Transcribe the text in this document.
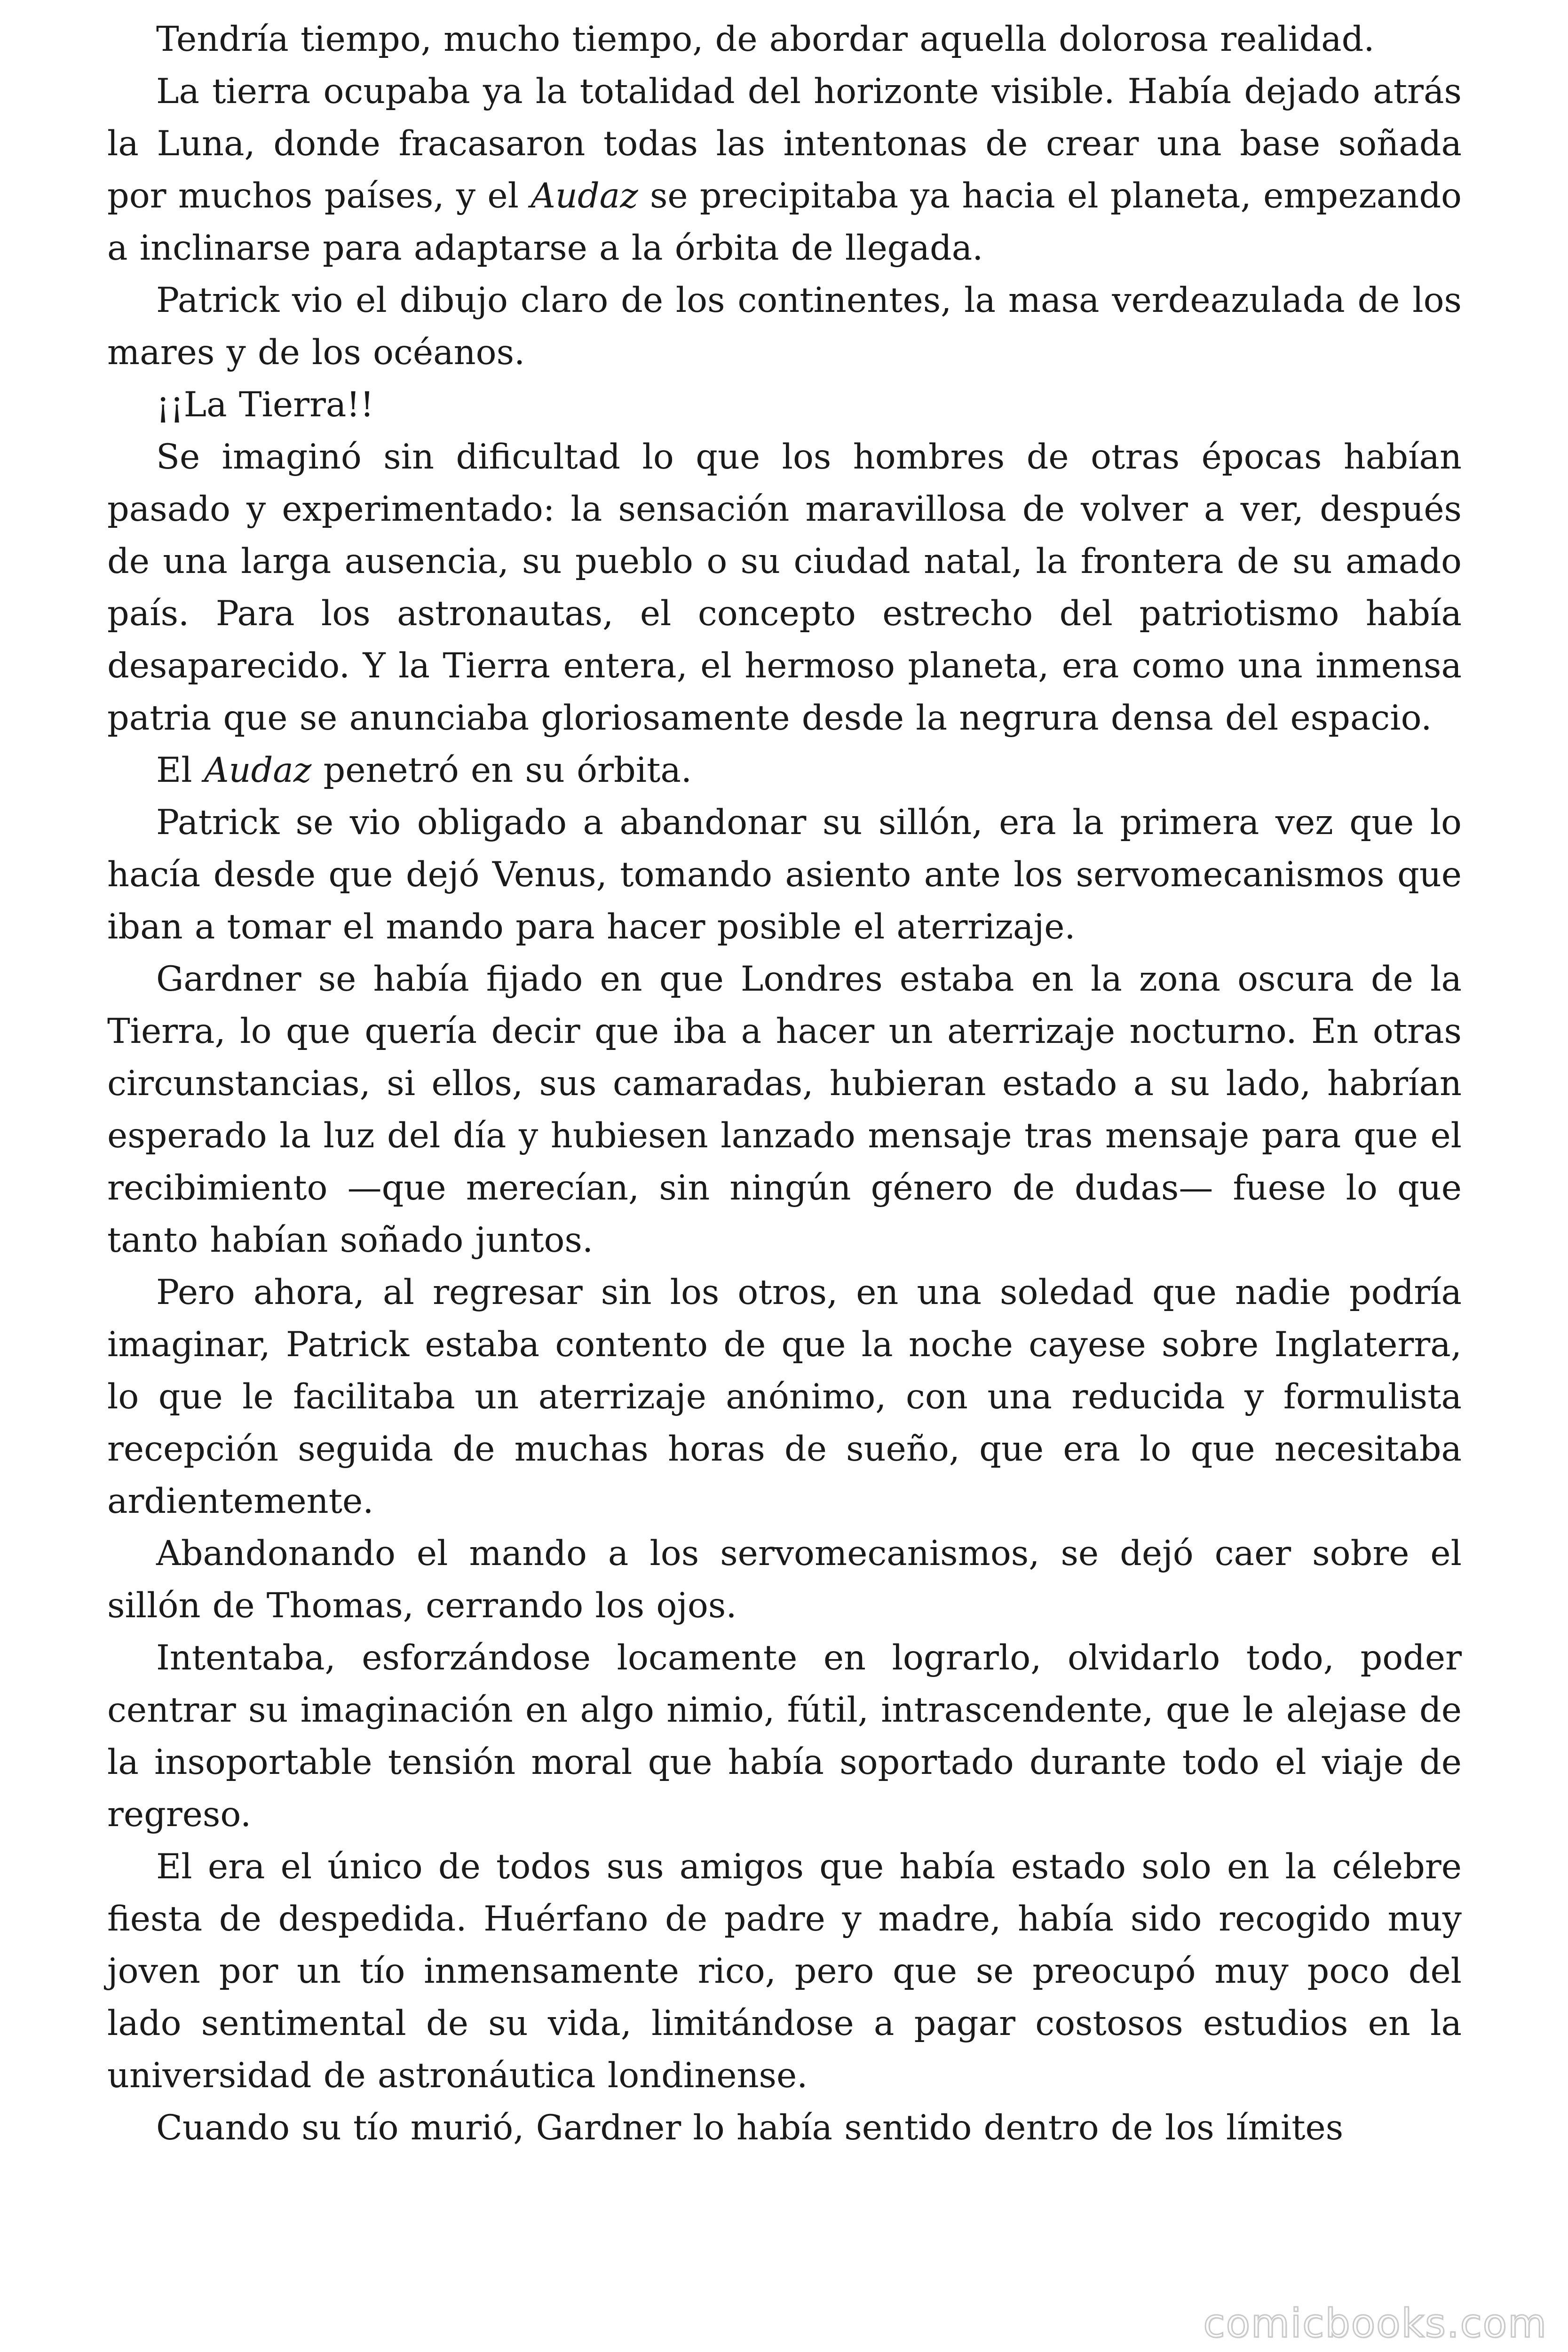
Tendría tiempo, mucho tiempo, de abordar aquella dolorosa realidad.

La tierra ocupaba ya la totalidad del horizonte visible. Había dejado atrás la Luna, donde fracasaron todas las intentonas de crear una base soñada por muchos países, y el Audaz se precipitaba ya hacia el planeta, empezando a inclinarse para adaptarse a la órbita de llegada.

Patrick vio el dibujo claro de los continentes, la masa verdeazulada de los mares y de los océanos.

¡¡La Tierra!!

Se imaginó sin dificultad lo que los hombres de otras épocas habían pasado y experimentado: la sensación maravillosa de volver a ver, después de una larga ausencia, su pueblo o su ciudad natal, la frontera de su amado país. Para los astronautas, el concepto estrecho del patriotismo había desaparecido. Y la Tierra entera, el hermoso planeta, era como una inmensa patria que se anunciaba gloriosamente desde la negrura densa del espacio.

El Audaz penetró en su órbita.

Patrick se vio obligado a abandonar su sillón, era la primera vez que lo hacía desde que dejó Venus, tomando asiento ante los servomecanismos que iban a tomar el mando para hacer posible el aterrizaje.

Gardner se había fijado en que Londres estaba en la zona oscura de la Tierra, lo que quería decir que iba a hacer un aterrizaje nocturno. En otras circunstancias, si ellos, sus camaradas, hubieran estado a su lado, habrían esperado la luz del día y hubiesen lanzado mensaje tras mensaje para que el recibimiento —que merecían, sin ningún género de dudas— fuese lo que tanto habían soñado juntos.

Pero ahora, al regresar sin los otros, en una soledad que nadie podría imaginar, Patrick estaba contento de que la noche cayese sobre Inglaterra, lo que le facilitaba un aterrizaje anónimo, con una reducida y formulista recepción seguida de muchas horas de sueño, que era lo que necesitaba ardientemente.

Abandonando el mando a los servomecanismos, se dejó caer sobre el sillón de Thomas, cerrando los ojos.

Intentaba, esforzándose locamente en lograrlo, olvidarlo todo, poder centrar su imaginación en algo nimio, fútil, intrascendente, que le alejase de la insoportable tensión moral que había soportado durante todo el viaje de regreso.

El era el único de todos sus amigos que había estado solo en la célebre fiesta de despedida. Huérfano de padre y madre, había sido recogido muy joven por un tío inmensamente rico, pero que se preocupó muy poco del lado sentimental de su vida, limitándose a pagar costosos estudios en la universidad de astronáutica londinense.

Cuando su tío murió, Gardner lo había sentido dentro de los límites

comicbooks.com
